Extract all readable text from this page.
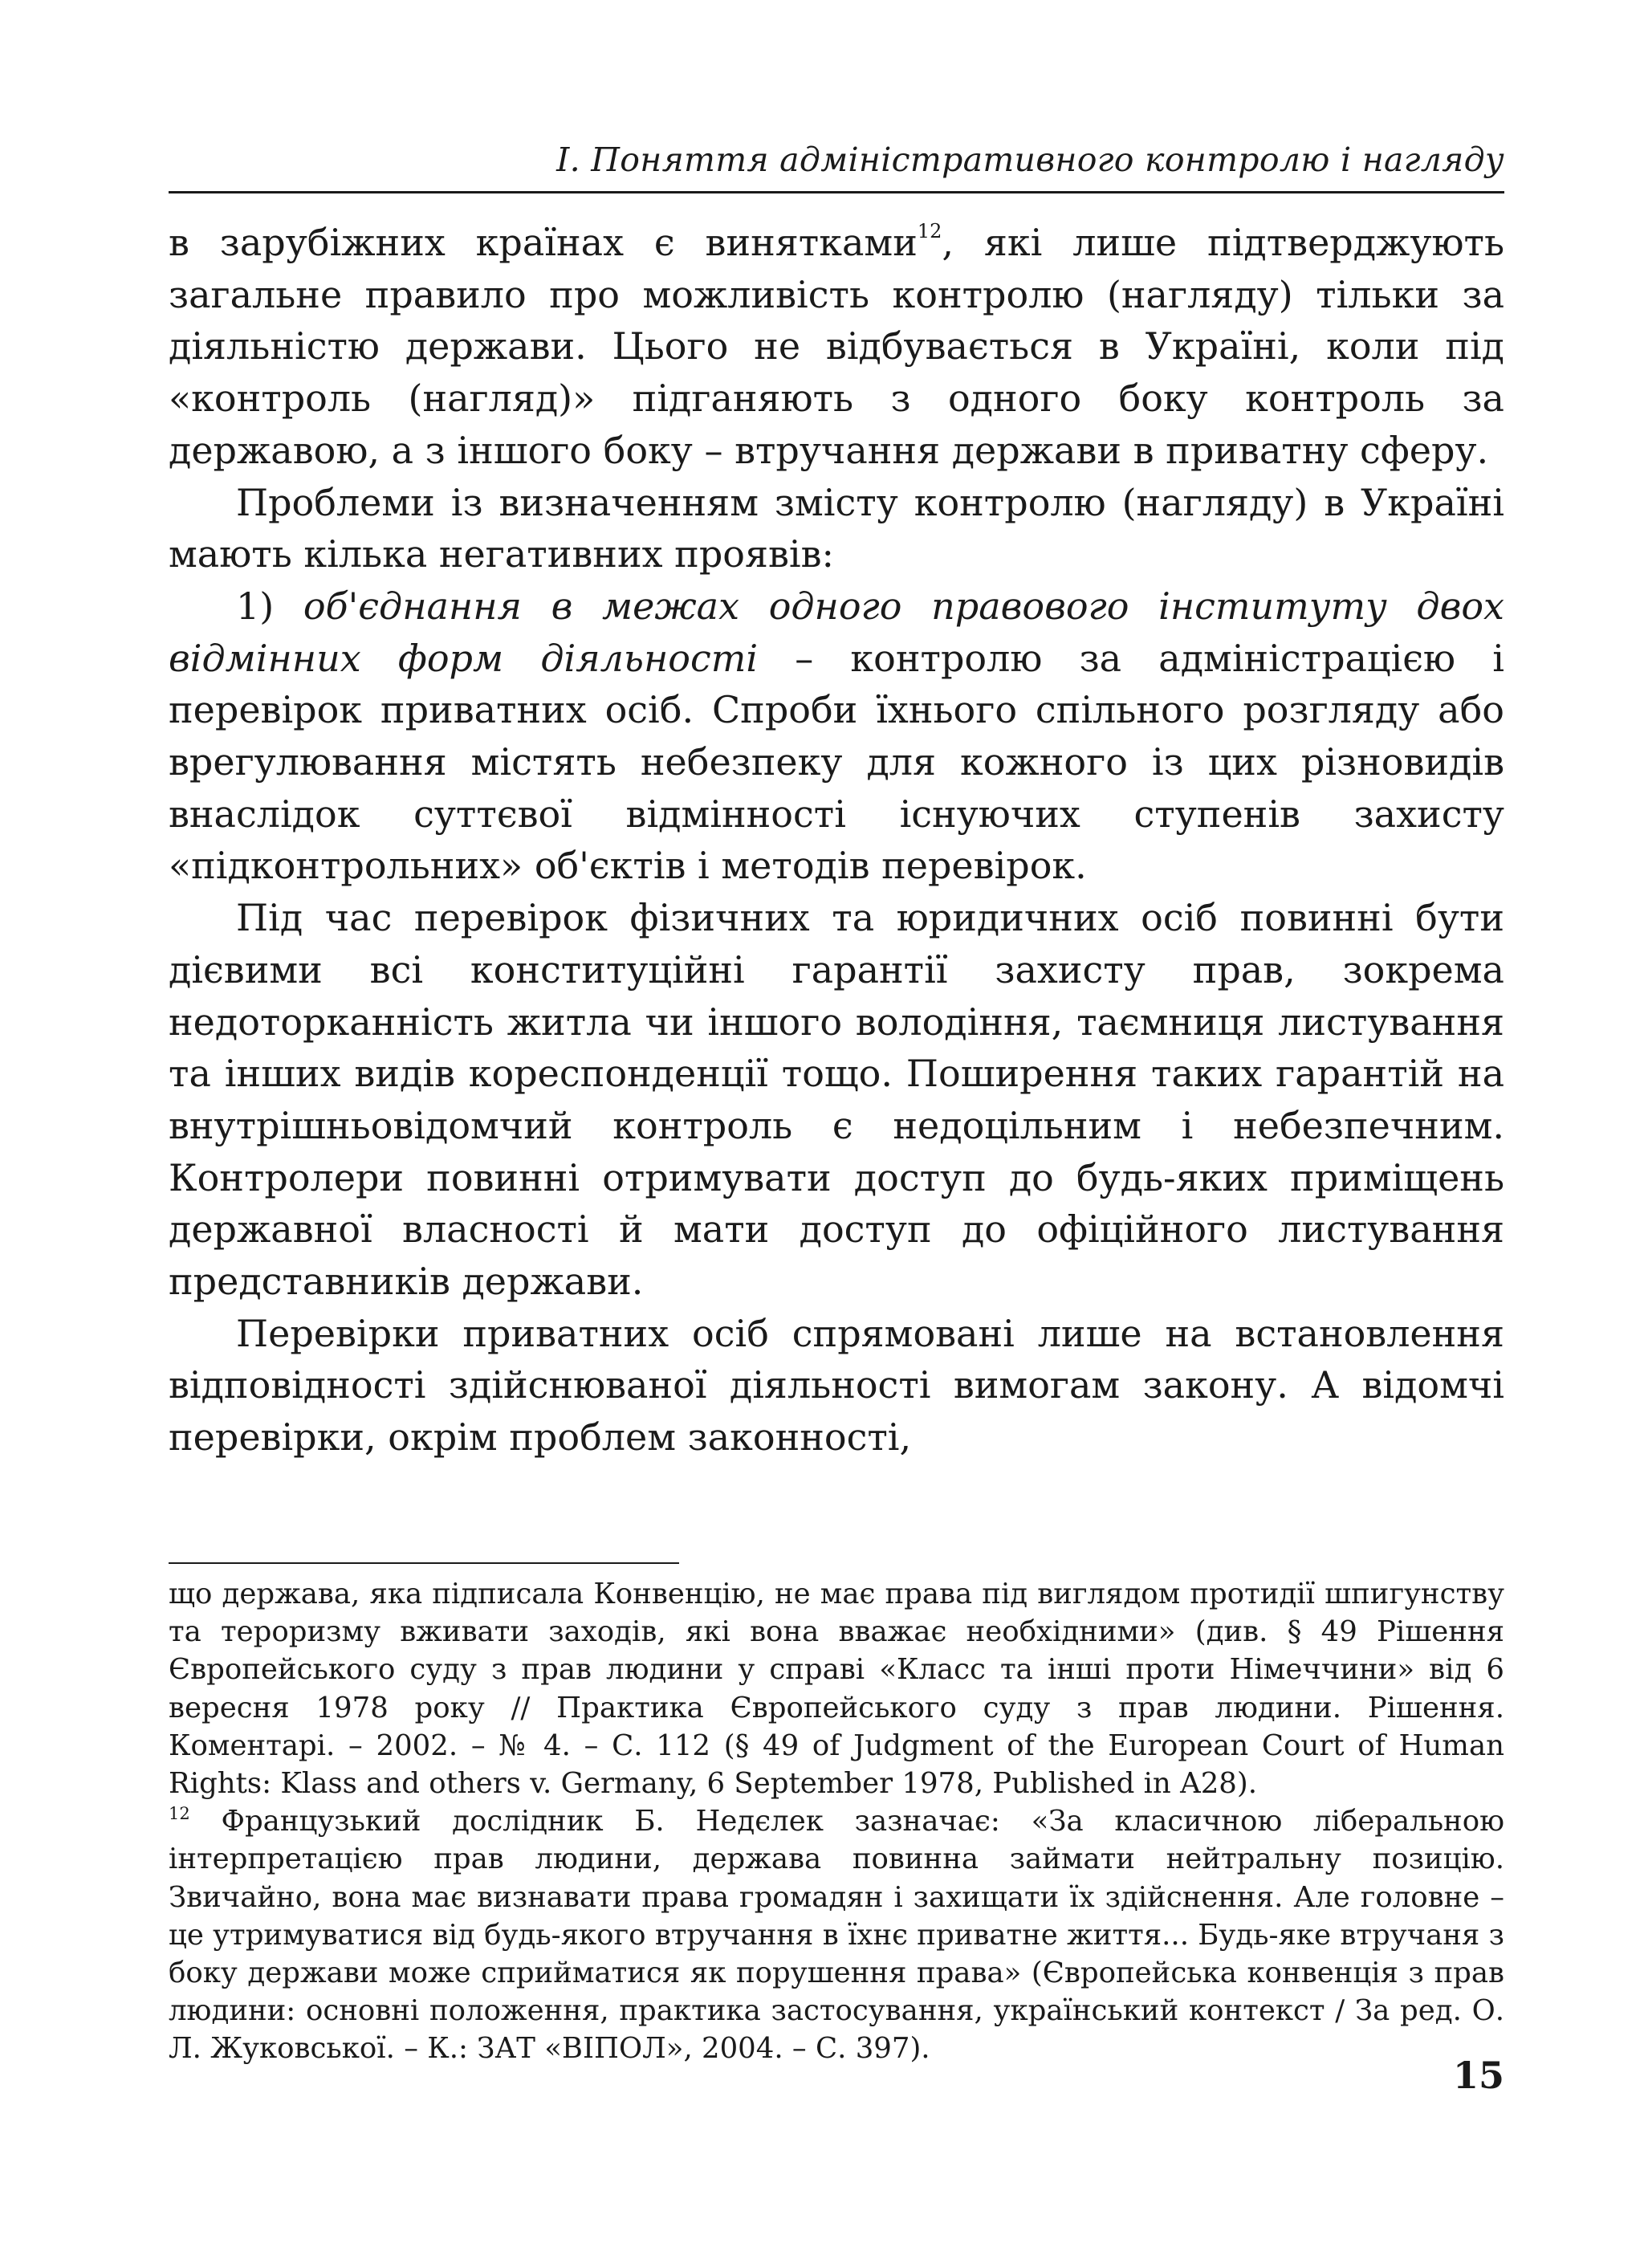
І. Поняття адміністративного контролю і нагляду

в зарубіжних країнах є винятками$^{12}$, які лише підтверджують загальне правило про можливість контролю (нагляду) тільки за діяльністю держави. Цього не відбувається в Україні, коли під «контроль (нагляд)» підганяють з одного боку контроль за державою, а з іншого боку – втручання держави в приватну сферу.

Проблеми із визначенням змісту контролю (нагляду) в Україні мають кілька негативних проявів:

1) об'єднання в межах одного правового інституту двох відмінних форм діяльності – контролю за адміністрацією і перевірок приватних осіб. Спроби їхнього спільного розгляду або врегулювання містять небезпеку для кожного із цих різновидів внаслідок суттєвої відмінності існуючих ступенів захисту «підконтрольних» об'єктів і методів перевірок.

Під час перевірок фізичних та юридичних осіб повинні бути дієвими всі конституційні гарантії захисту прав, зокрема недоторканність житла чи іншого володіння, таємниця листування та інших видів кореспонденції тощо. Поширення таких гарантій на внутрішньовідомчий контроль є недоцільним і небезпечним. Контролери повинні отримувати доступ до будь-яких приміщень державної власності й мати доступ до офіційного листування представників держави.

Перевірки приватних осіб спрямовані лише на встановлення відповідності здійснюваної діяльності вимогам закону. А відомчі перевірки, окрім проблем законності,

що держава, яка підписала Конвенцію, не має права під виглядом протидії шпигунству та тероризму вживати заходів, які вона вважає необхідними» (див. § 49 Рішення Європейського суду з прав людини у справі «Класс та інші проти Німеччини» від 6 вересня 1978 року // Практика Європейського суду з прав людини. Рішення. Коментарі. – 2002. – № 4. – С. 112 (§ 49 of Judgment of the European Court of Human Rights: Klass and others v. Germany, 6 September 1978, Published in A28).

$^{12}$ Французький дослідник Б. Недєлек зазначає: «За класичною ліберальною інтерпретацією прав людини, держава повинна займати нейтральну позицію. Звичайно, вона має визнавати права громадян і захищати їх здійснення. Але головне – це утримуватися від будь-якого втручання в їхнє приватне життя... Будь-яке втручаня з боку держави може сприйматися як порушення права» (Європейська конвенція з прав людини: основні положення, практика застосування, український контекст / За ред. О. Л. Жуковської. – К.: ЗАТ «ВІПОЛ», 2004. – С. 397).

15
